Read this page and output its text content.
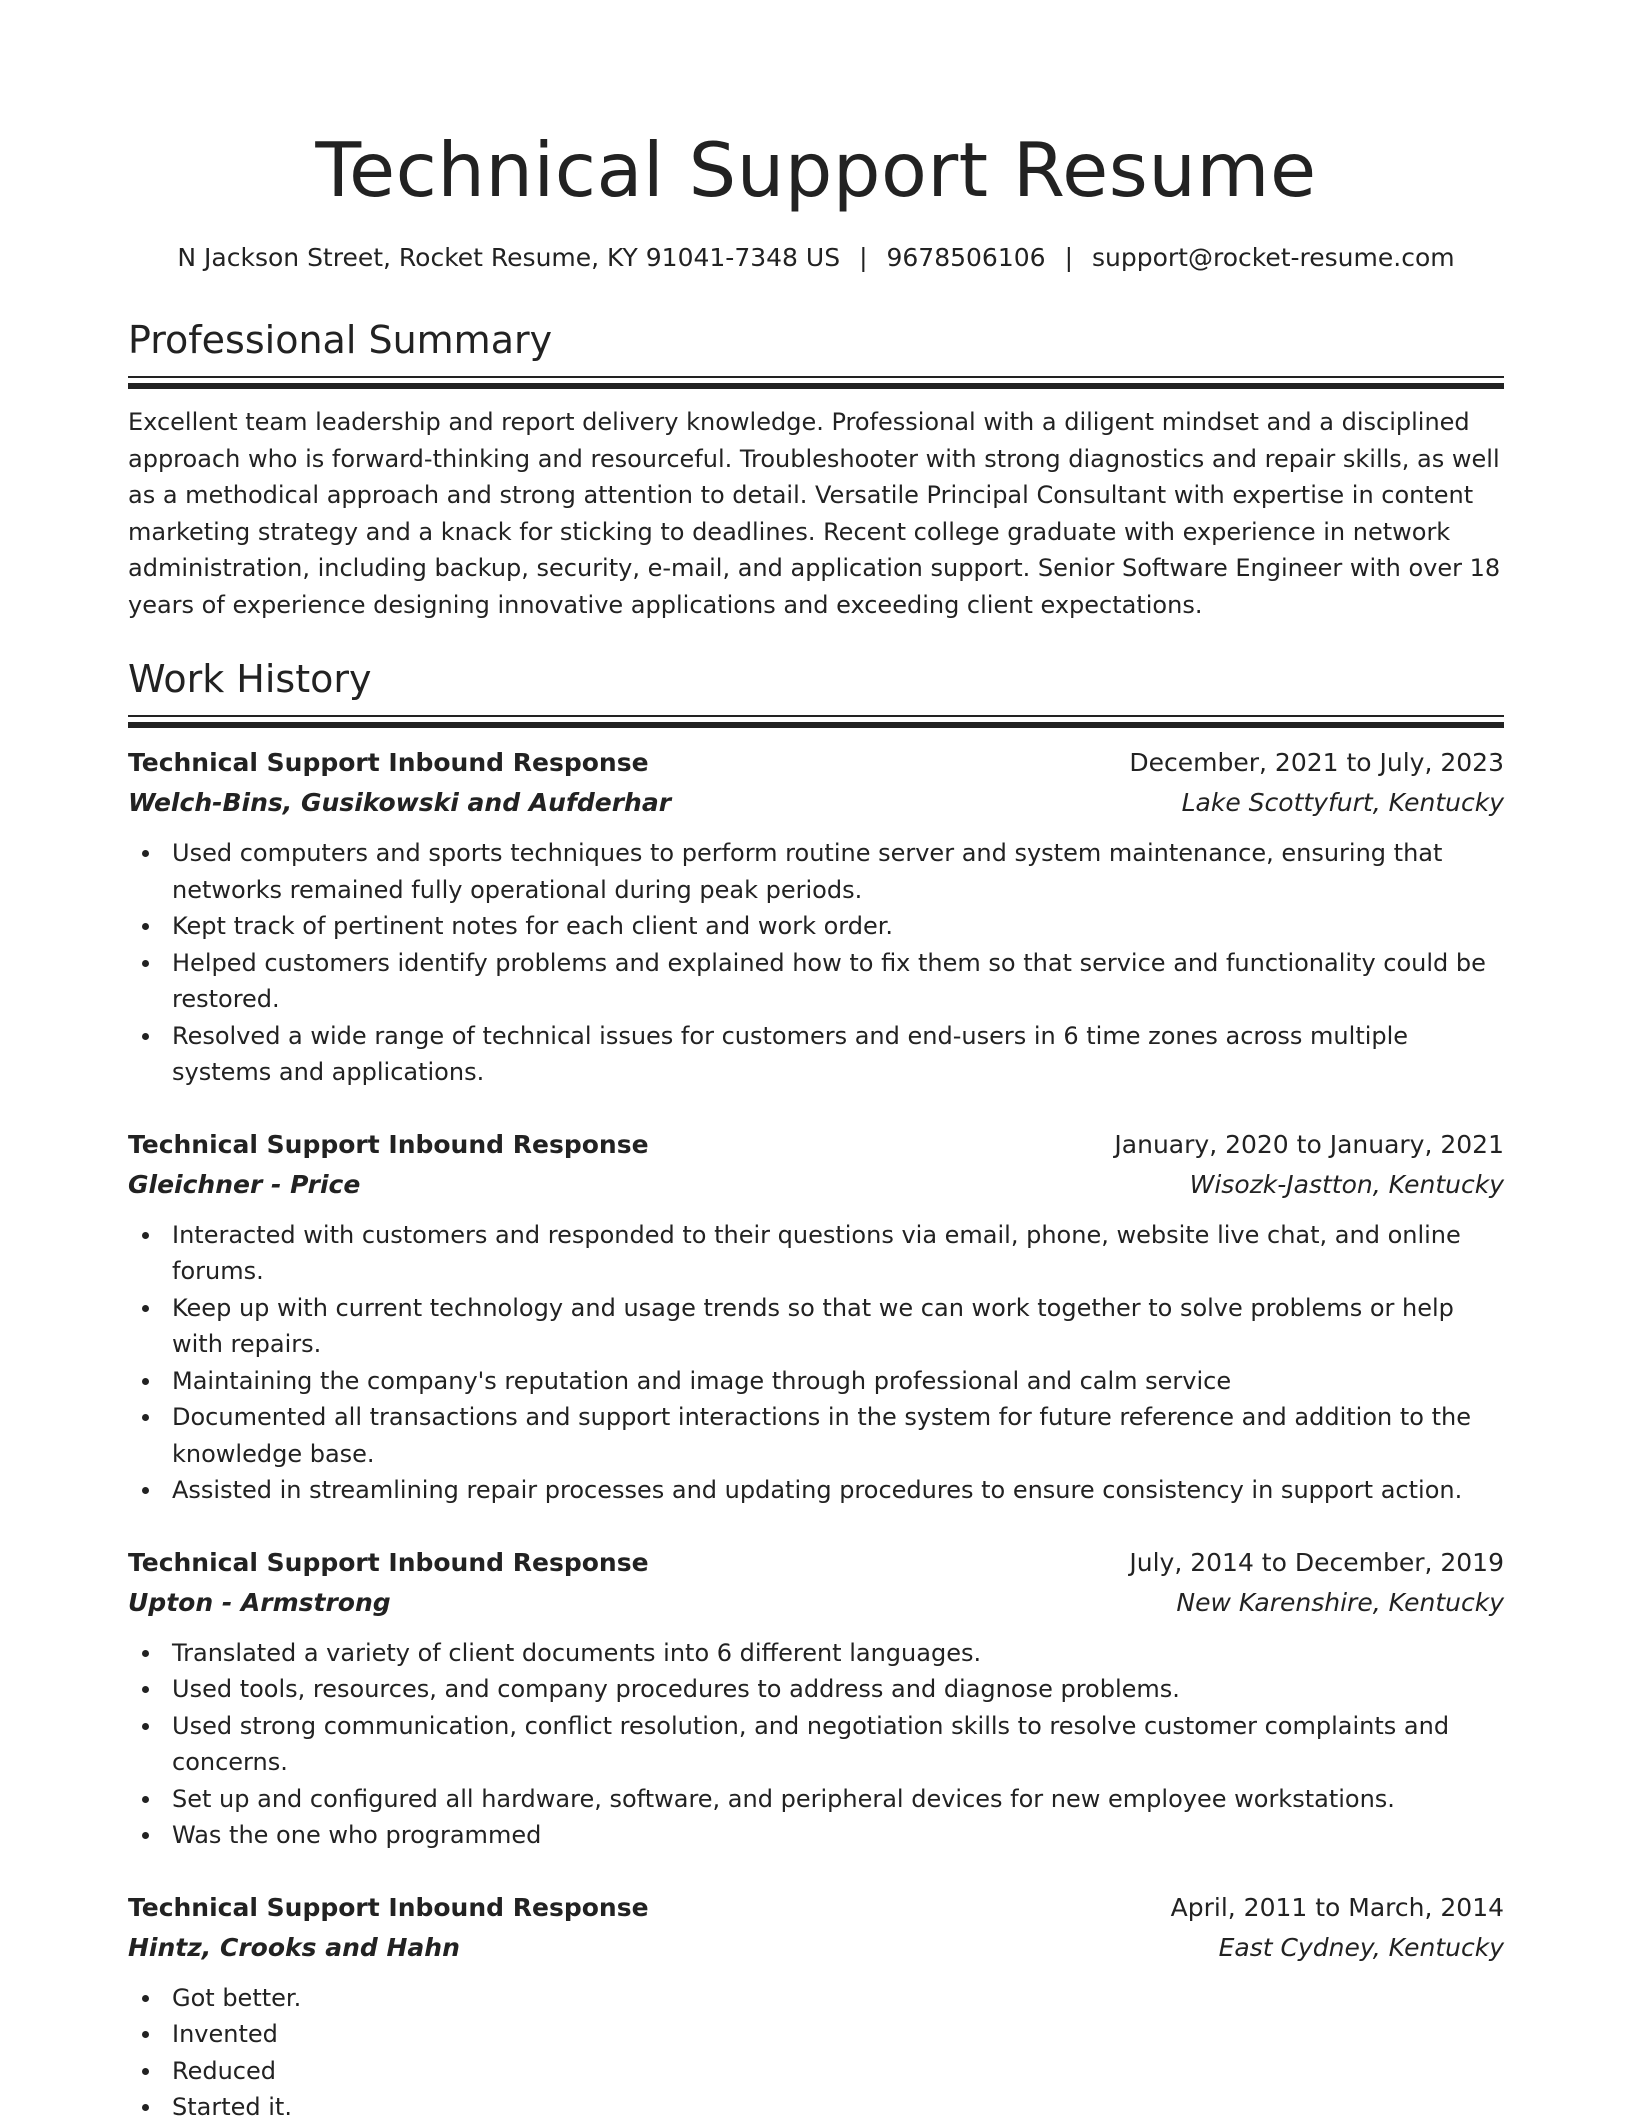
Technical Support Resume
N Jackson Street, Rocket Resume, KY 91041-7348 US | 9678506106 | support@rocket-resume.com
Professional Summary

Excellent team leadership and report delivery knowledge. Professional with a diligent mindset and a disciplined approach who is forward-thinking and resourceful. Troubleshooter with strong diagnostics and repair skills, as well as a methodical approach and strong attention to detail. Versatile Principal Consultant with expertise in content marketing strategy and a knack for sticking to deadlines. Recent college graduate with experience in network administration, including backup, security, e-mail, and application support. Senior Software Engineer with over 18 years of experience designing innovative applications and exceeding client expectations.

Work History
Technical Support Inbound Response	December, 2021 to July, 2023
Welch-Bins, Gusikowski and Aufderhar	Lake Scottyfurt, Kentucky
Used computers and sports techniques to perform routine server and system maintenance, ensuring that networks remained fully operational during peak periods.
Kept track of pertinent notes for each client and work order.
Helped customers identify problems and explained how to fix them so that service and functionality could be restored.
Resolved a wide range of technical issues for customers and end-users in 6 time zones across multiple systems and applications.
Technical Support Inbound Response	January, 2020 to January, 2021
Gleichner - Price	Wisozk-Jastton, Kentucky
Interacted with customers and responded to their questions via email, phone, website live chat, and online forums.
Keep up with current technology and usage trends so that we can work together to solve problems or help with repairs.
Maintaining the company's reputation and image through professional and calm service
Documented all transactions and support interactions in the system for future reference and addition to the knowledge base.
Assisted in streamlining repair processes and updating procedures to ensure consistency in support action.
Technical Support Inbound Response	July, 2014 to December, 2019
Upton - Armstrong	New Karenshire, Kentucky
Translated a variety of client documents into 6 different languages.
Used tools, resources, and company procedures to address and diagnose problems.
Used strong communication, conflict resolution, and negotiation skills to resolve customer complaints and concerns.
Set up and configured all hardware, software, and peripheral devices for new employee workstations.
Was the one who programmed
Technical Support Inbound Response	April, 2011 to March, 2014
Hintz, Crooks and Hahn	East Cydney, Kentucky
Got better.
Invented
Reduced
Started it.
